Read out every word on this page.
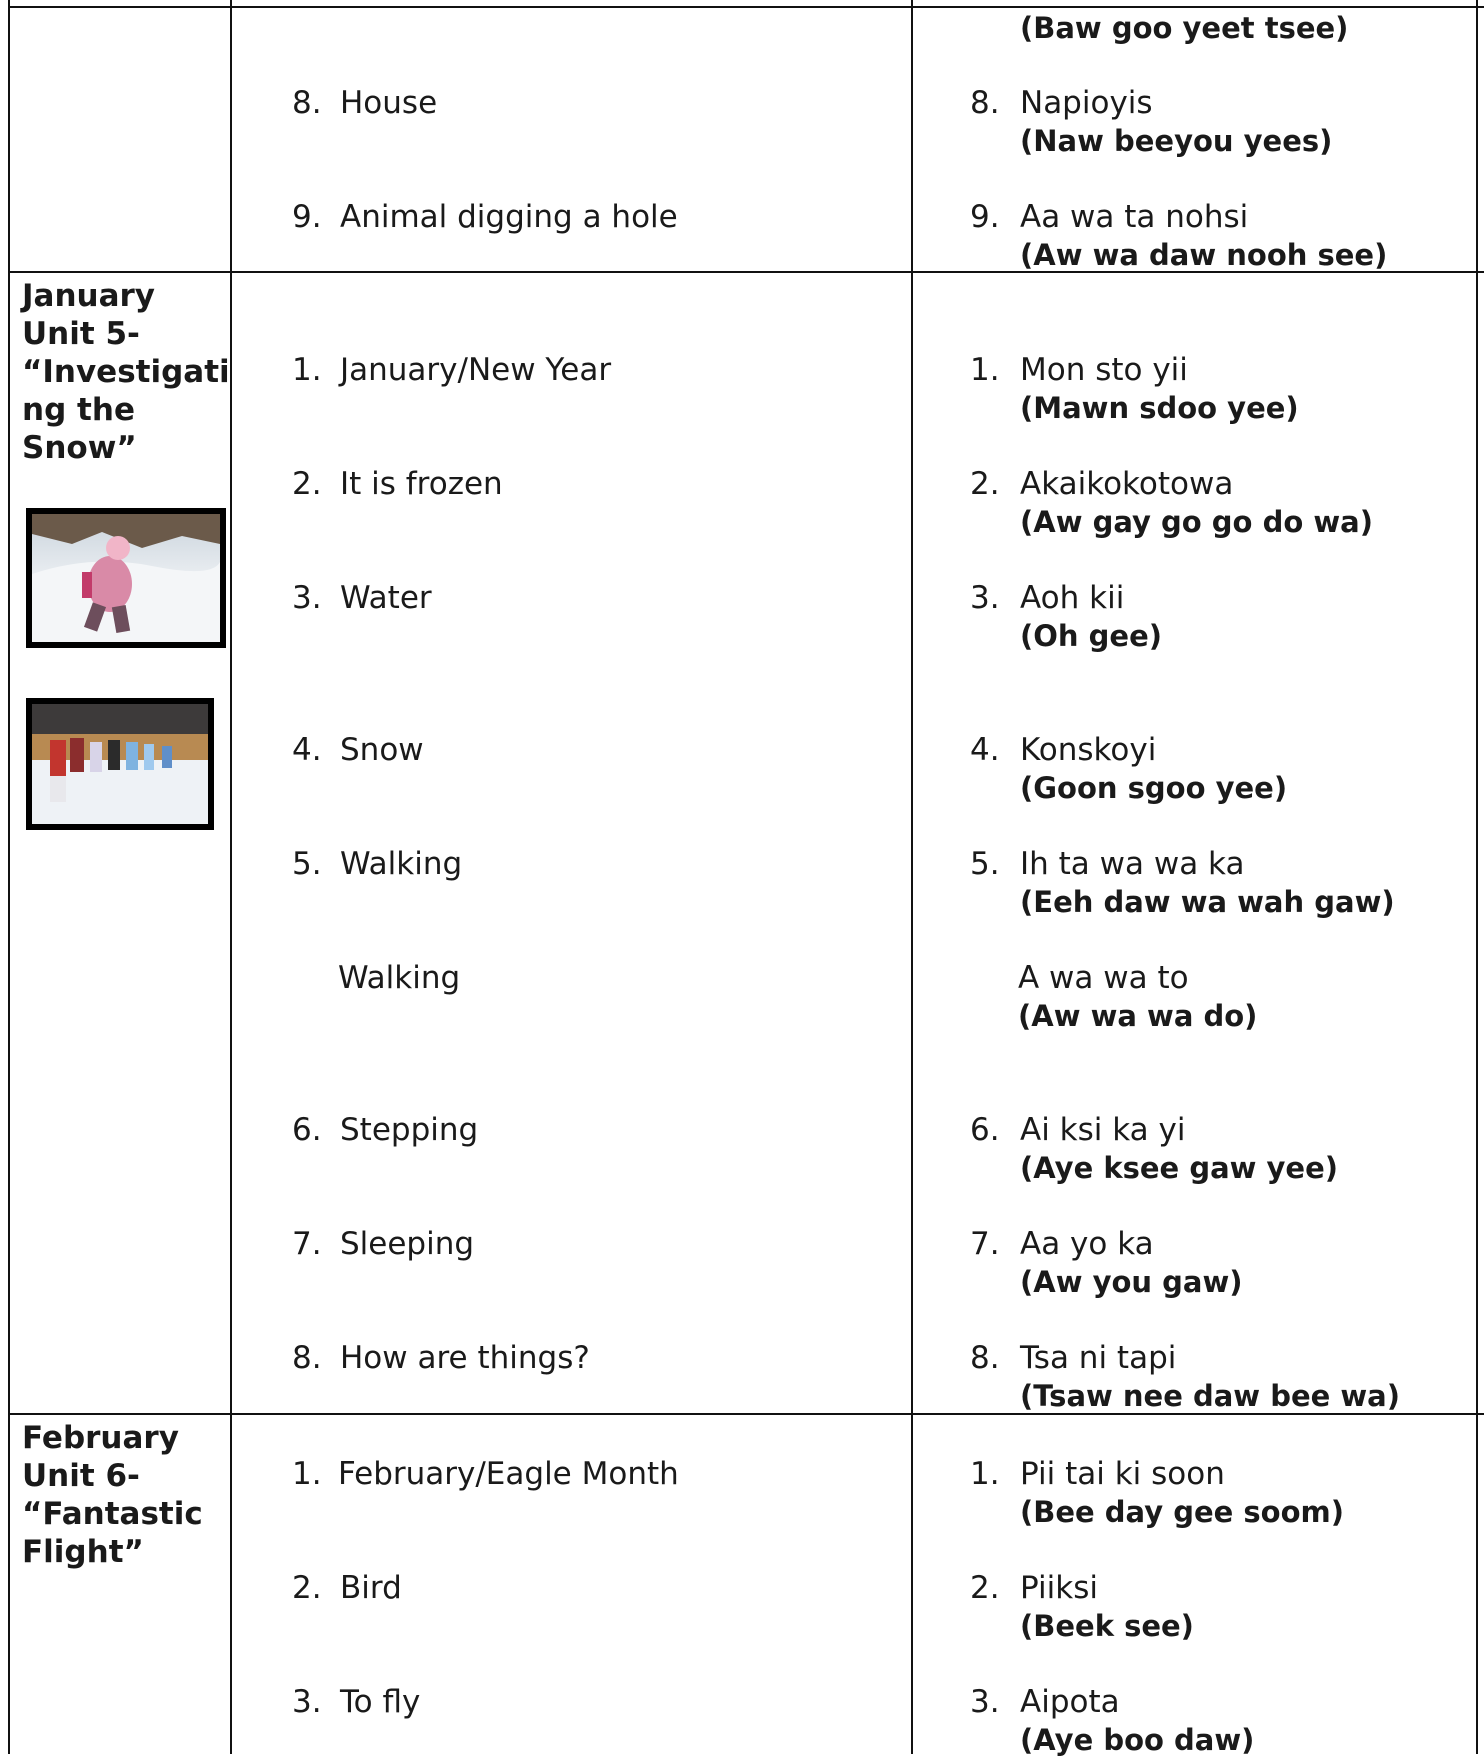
8. House
9. Animal digging a hole
(Baw goo yeet tsee)
8. Napioyis
(Naw beeyou yees)
9. Aa wa ta nohsi
(Aw wa daw nooh see)
January
Unit 5-
“Investigati
ng the
Snow”
1. January/New Year
2. It is frozen
3. Water
4. Snow
5. Walking
Walking
6. Stepping
7. Sleeping
8. How are things?
1. Mon sto yii
(Mawn sdoo yee)
2. Akaikokotowa
(Aw gay go go do wa)
3. Aoh kii
(Oh gee)
4. Konskoyi
(Goon sgoo yee)
5. Ih ta wa wa ka
(Eeh daw wa wah gaw)
A wa wa to
(Aw wa wa do)
6. Ai ksi ka yi
(Aye ksee gaw yee)
7. Aa yo ka
(Aw you gaw)
8. Tsa ni tapi
(Tsaw nee daw bee wa)
February
Unit 6-
“Fantastic
Flight”
1. February/Eagle Month
2. Bird
3. To fly
1. Pii tai ki soon
(Bee day gee soom)
2. Piiksi
(Beek see)
3. Aipota
(Aye boo daw)
